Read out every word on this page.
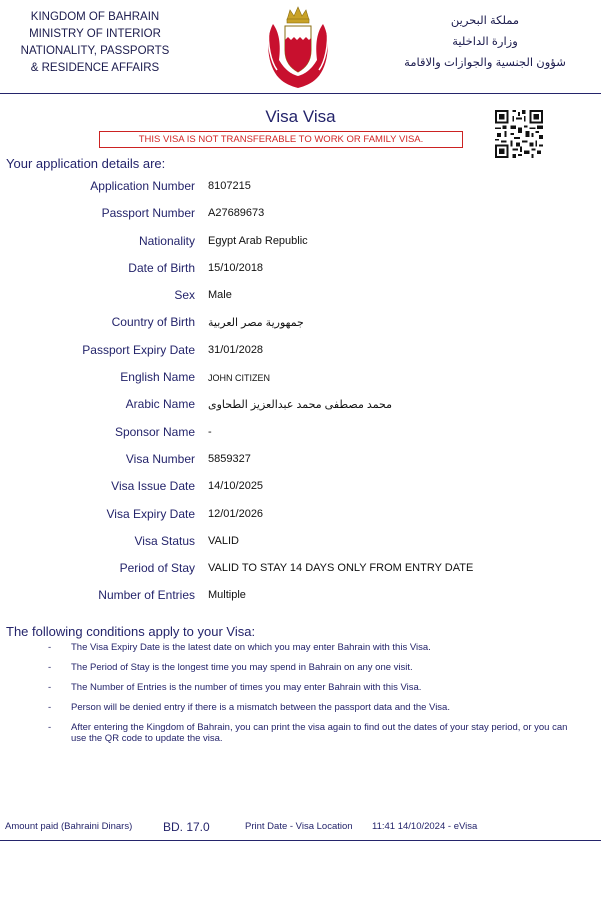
KINGDOM OF BAHRAIN
MINISTRY OF INTERIOR
NATIONALITY, PASSPORTS
& RESIDENCE AFFAIRS
مملكة البحرين
وزارة الداخلية
شؤون الجنسية والجوازات والاقامة
Visa Visa
THIS VISA IS NOT TRANSFERABLE TO WORK OR FAMILY VISA.
Your application details are:
Application Number 8107215
Passport Number A27689673
Nationality Egypt Arab Republic
Date of Birth 15/10/2018
Sex Male
Country of Birth جمهورية مصر العربية
Passport Expiry Date 31/01/2028
English Name JOHN CITIZEN
Arabic Name محمد مصطفى محمد عبدالعزيز الطحاوى
Sponsor Name -
Visa Number 5859327
Visa Issue Date 14/10/2025
Visa Expiry Date 12/01/2026
Visa Status VALID
Period of Stay VALID TO STAY 14 DAYS ONLY FROM ENTRY DATE
Number of Entries Multiple
The following conditions apply to your Visa:
- The Visa Expiry Date is the latest date on which you may enter Bahrain with this Visa.
- The Period of Stay is the longest time you may spend in Bahrain on any one visit.
- The Number of Entries is the number of times you may enter Bahrain with this Visa.
- Person will be denied entry if there is a mismatch between the passport data and the Visa.
- After entering the Kingdom of Bahrain, you can print the visa again to find out the dates of your stay period, or you can use the QR code to update the visa.
Amount paid (Bahraini Dinars)	BD. 17.0	Print Date - Visa Location 11:41 14/10/2024 - eVisa
